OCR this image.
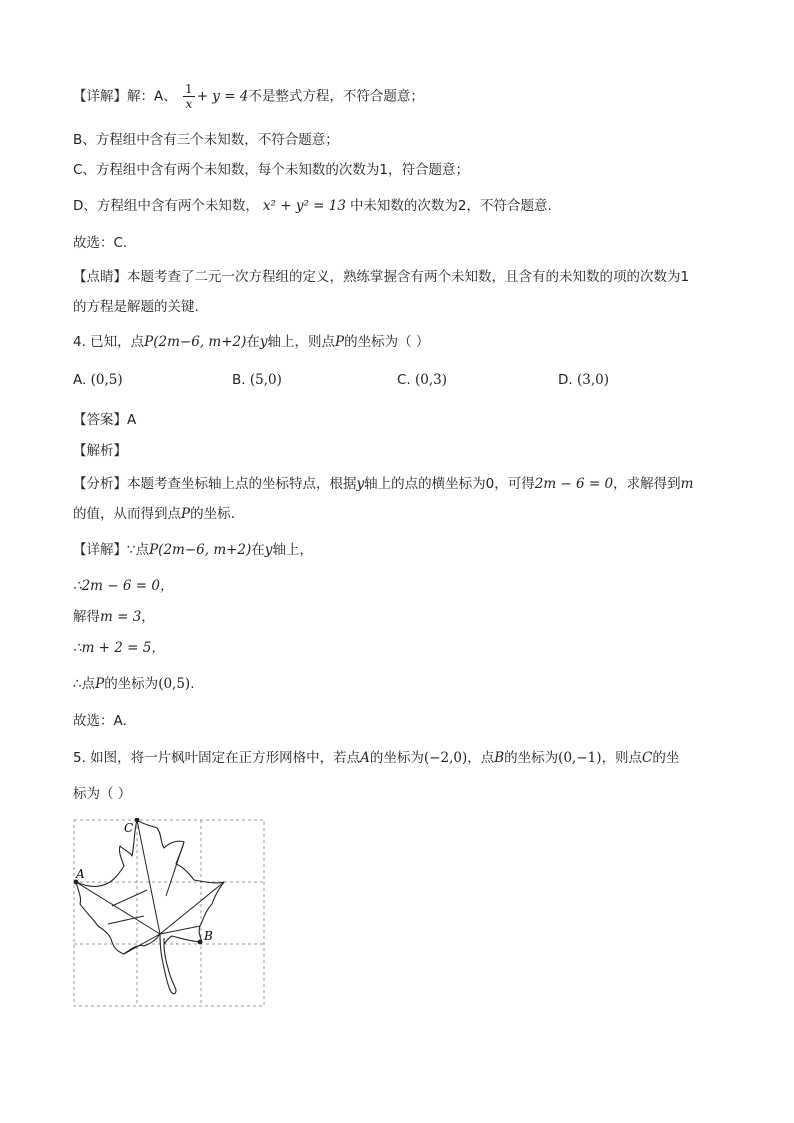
【详解】解：A、 $\frac{1}{x} + y = 4$不是整式方程，不符合题意；
B、方程组中含有三个未知数，不符合题意；
C、方程组中含有两个未知数，每个未知数的次数为1，符合题意；
D、方程组中含有两个未知数， x² + y² = 13 中未知数的次数为2，不符合题意.
故选：C.
【点睛】本题考查了二元一次方程组的定义，熟练掌握含有两个未知数，且含有的未知数的项的次数为1
的方程是解题的关键.
4. 已知，点P(2m−6, m+2)在y轴上，则点P的坐标为（ ）
A. (0,5)	B. (5,0)	C. (0,3)	D. (3,0)
【答案】A
【解析】
【分析】本题考查坐标轴上点的坐标特点，根据y轴上的点的横坐标为0，可得2m − 6 = 0，求解得到m
的值，从而得到点P的坐标.
【详解】∵点P(2m−6, m+2)在y轴上，
∴2m − 6 = 0，
解得m = 3，
∴m + 2 = 5，
∴点P的坐标为(0,5).
故选：A.
5. 如图，将一片枫叶固定在正方形网格中，若点A的坐标为(−2,0)，点B的坐标为(0,−1)，则点C的坐
标为（ ）
C
A
B
